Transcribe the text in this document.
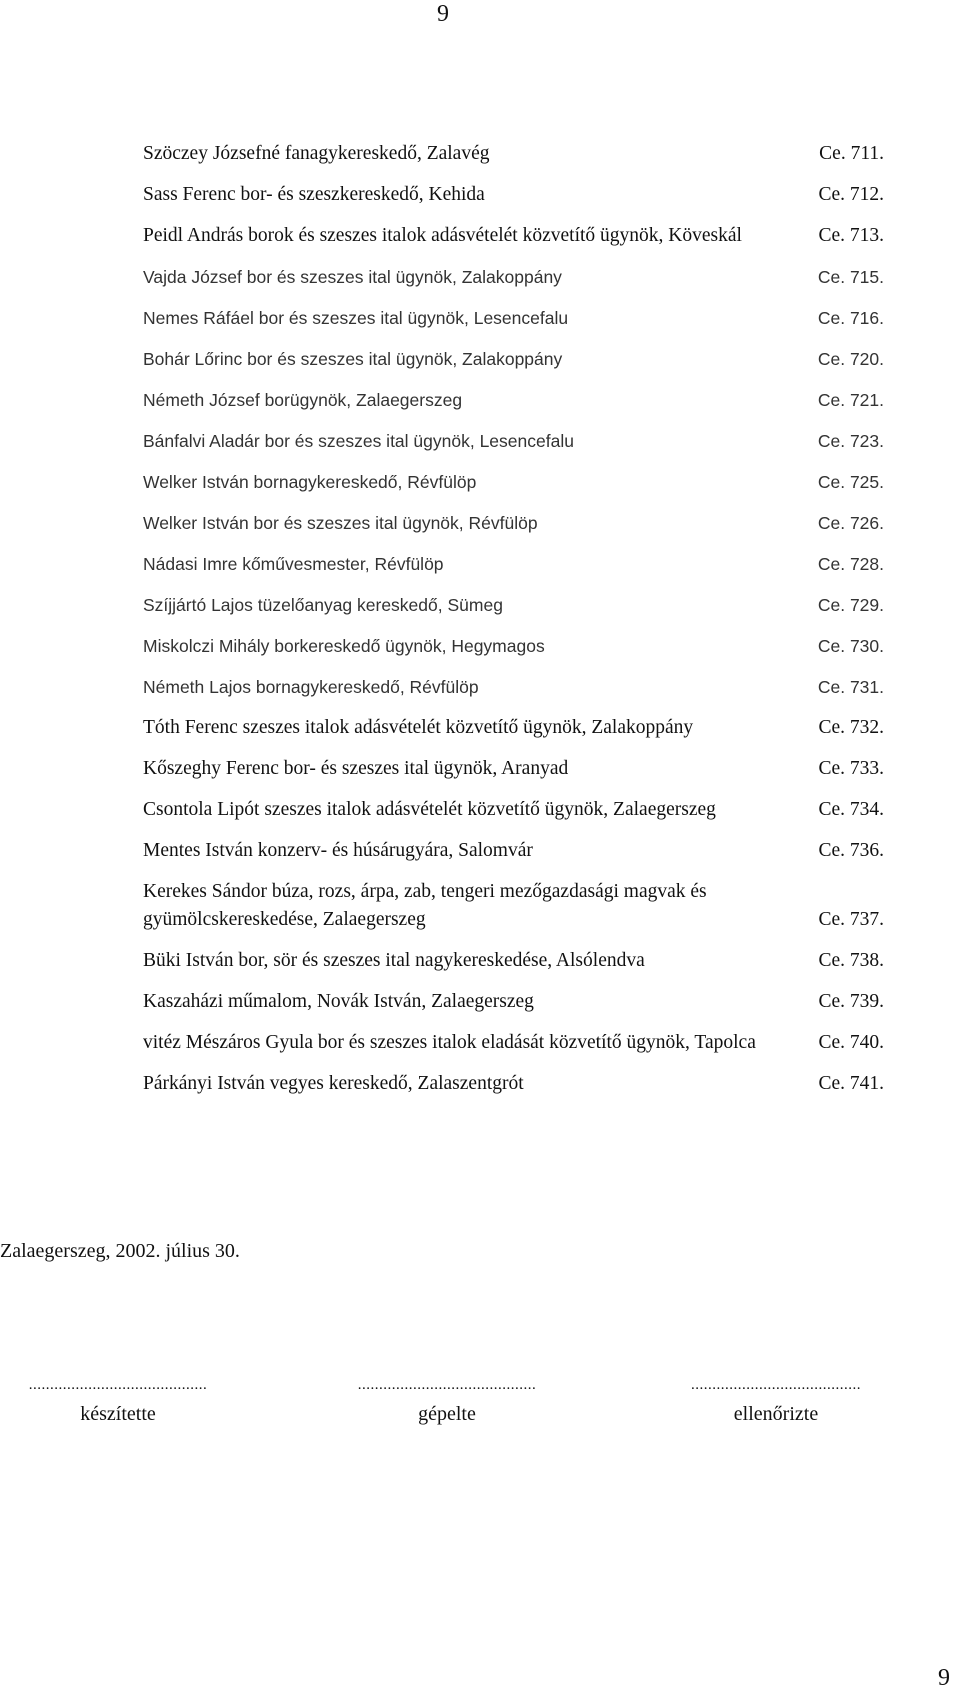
9
Szöczey Józsefné fanagykereskedő, Zalavég	Ce. 711.
Sass Ferenc bor- és szeszkereskedő, Kehida	Ce. 712.
Peidl András borok és szeszes italok adásvételét közvetítő ügynök, Köveskál	Ce. 713.
Vajda József bor és szeszes ital ügynök, Zalakoppány	Ce. 715.
Nemes Ráfáel bor és szeszes ital ügynök, Lesencefalu	Ce. 716.
Bohár Lőrinc bor és szeszes ital ügynök, Zalakoppány	Ce. 720.
Németh József borügynök, Zalaegerszeg	Ce. 721.
Bánfalvi Aladár bor és szeszes ital ügynök, Lesencefalu	Ce. 723.
Welker István bornagykereskedő, Révfülöp	Ce. 725.
Welker István bor és szeszes ital ügynök, Révfülöp	Ce. 726.
Nádasi Imre kőművesmester, Révfülöp	Ce. 728.
Szíjjártó Lajos tüzelőanyag kereskedő, Sümeg	Ce. 729.
Miskolczi Mihály borkereskedő ügynök, Hegymagos	Ce. 730.
Németh Lajos bornagykereskedő, Révfülöp	Ce. 731.
Tóth Ferenc szeszes italok adásvételét közvetítő ügynök, Zalakoppány	Ce. 732.
Kőszeghy Ferenc bor- és szeszes ital ügynök, Aranyad	Ce. 733.
Csontola Lipót szeszes italok adásvételét közvetítő ügynök, Zalaegerszeg	Ce. 734.
Mentes István konzerv- és húsárugyára, Salomvár	Ce. 736.
Kerekes Sándor búza, rozs, árpa, zab, tengeri mezőgazdasági magvak és gyümölcskereskedése, Zalaegerszeg	Ce. 737.
Büki István bor, sör és szeszes ital nagykereskedése, Alsólendva	Ce. 738.
Kaszaházi műmalom, Novák István, Zalaegerszeg	Ce. 739.
vitéz Mészáros Gyula bor és szeszes italok eladását közvetítő ügynök, Tapolca	Ce. 740.
Párkányi István vegyes kereskedő, Zalaszentgrót	Ce. 741.
Zalaegerszeg, 2002. július 30.
..........................................
készítette
..........................................
gépelte
........................................
ellenőrizte
9
